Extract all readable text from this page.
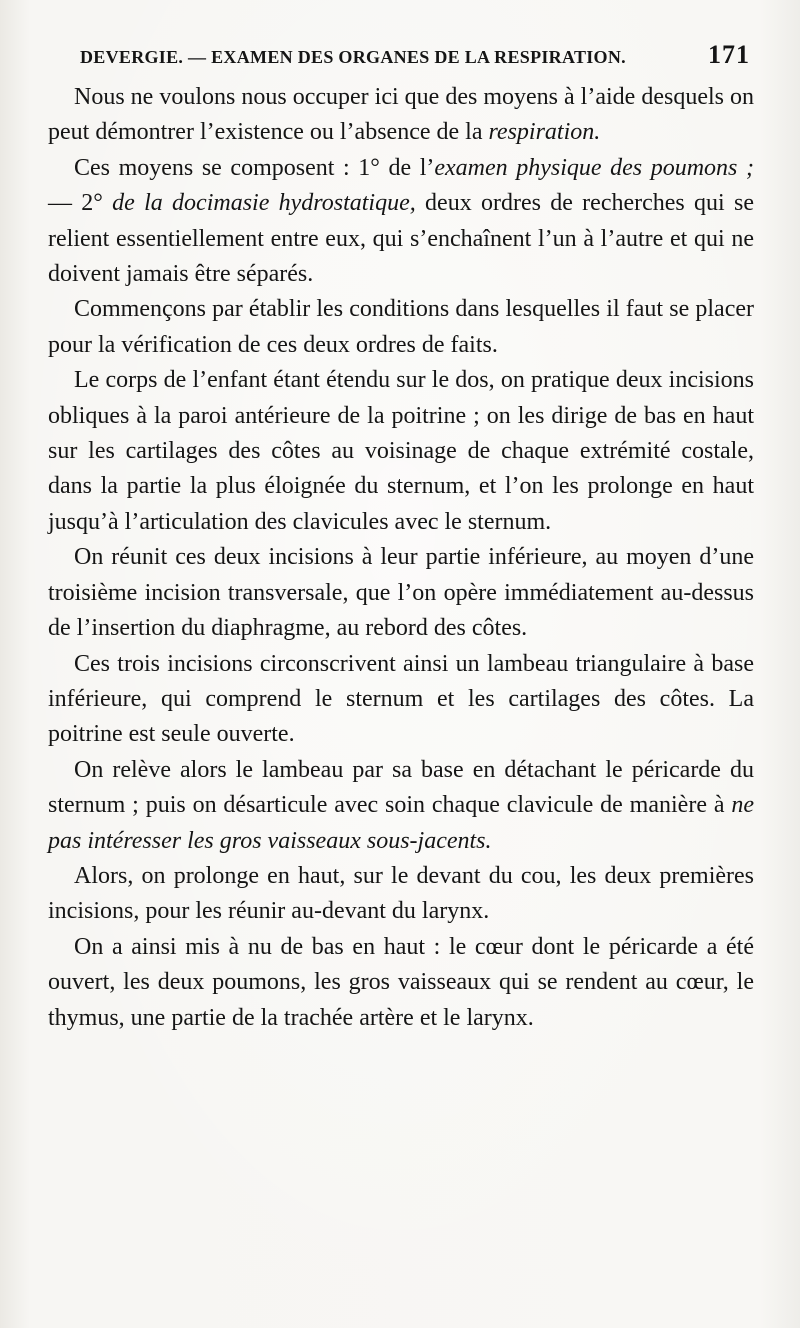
DEVERGIE. — EXAMEN DES ORGANES DE LA RESPIRATION.	171

Nous ne voulons nous occuper ici que des moyens à l’aide desquels on peut démontrer l’existence ou l’absence de la respiration.

Ces moyens se composent : 1° de l’examen physique des poumons ; — 2° de la docimasie hydrostatique, deux ordres de recherches qui se relient essentiellement entre eux, qui s’enchaînent l’un à l’autre et qui ne doivent jamais être séparés.

Commençons par établir les conditions dans lesquelles il faut se placer pour la vérification de ces deux ordres de faits.

Le corps de l’enfant étant étendu sur le dos, on pratique deux incisions obliques à la paroi antérieure de la poitrine ; on les dirige de bas en haut sur les cartilages des côtes au voisinage de chaque extrémité costale, dans la partie la plus éloignée du sternum, et l’on les prolonge en haut jusqu’à l’articulation des clavicules avec le sternum.

On réunit ces deux incisions à leur partie inférieure, au moyen d’une troisième incision transversale, que l’on opère immédiatement au-dessus de l’insertion du diaphragme, au rebord des côtes.

Ces trois incisions circonscrivent ainsi un lambeau triangulaire à base inférieure, qui comprend le sternum et les cartilages des côtes. La poitrine est seule ouverte.

On relève alors le lambeau par sa base en détachant le péricarde du sternum ; puis on désarticule avec soin chaque clavicule de manière à ne pas intéresser les gros vaisseaux sous-jacents.

Alors, on prolonge en haut, sur le devant du cou, les deux premières incisions, pour les réunir au-devant du larynx.

On a ainsi mis à nu de bas en haut : le cœur dont le péricarde a été ouvert, les deux poumons, les gros vaisseaux qui se rendent au cœur, le thymus, une partie de la trachée artère et le larynx.
